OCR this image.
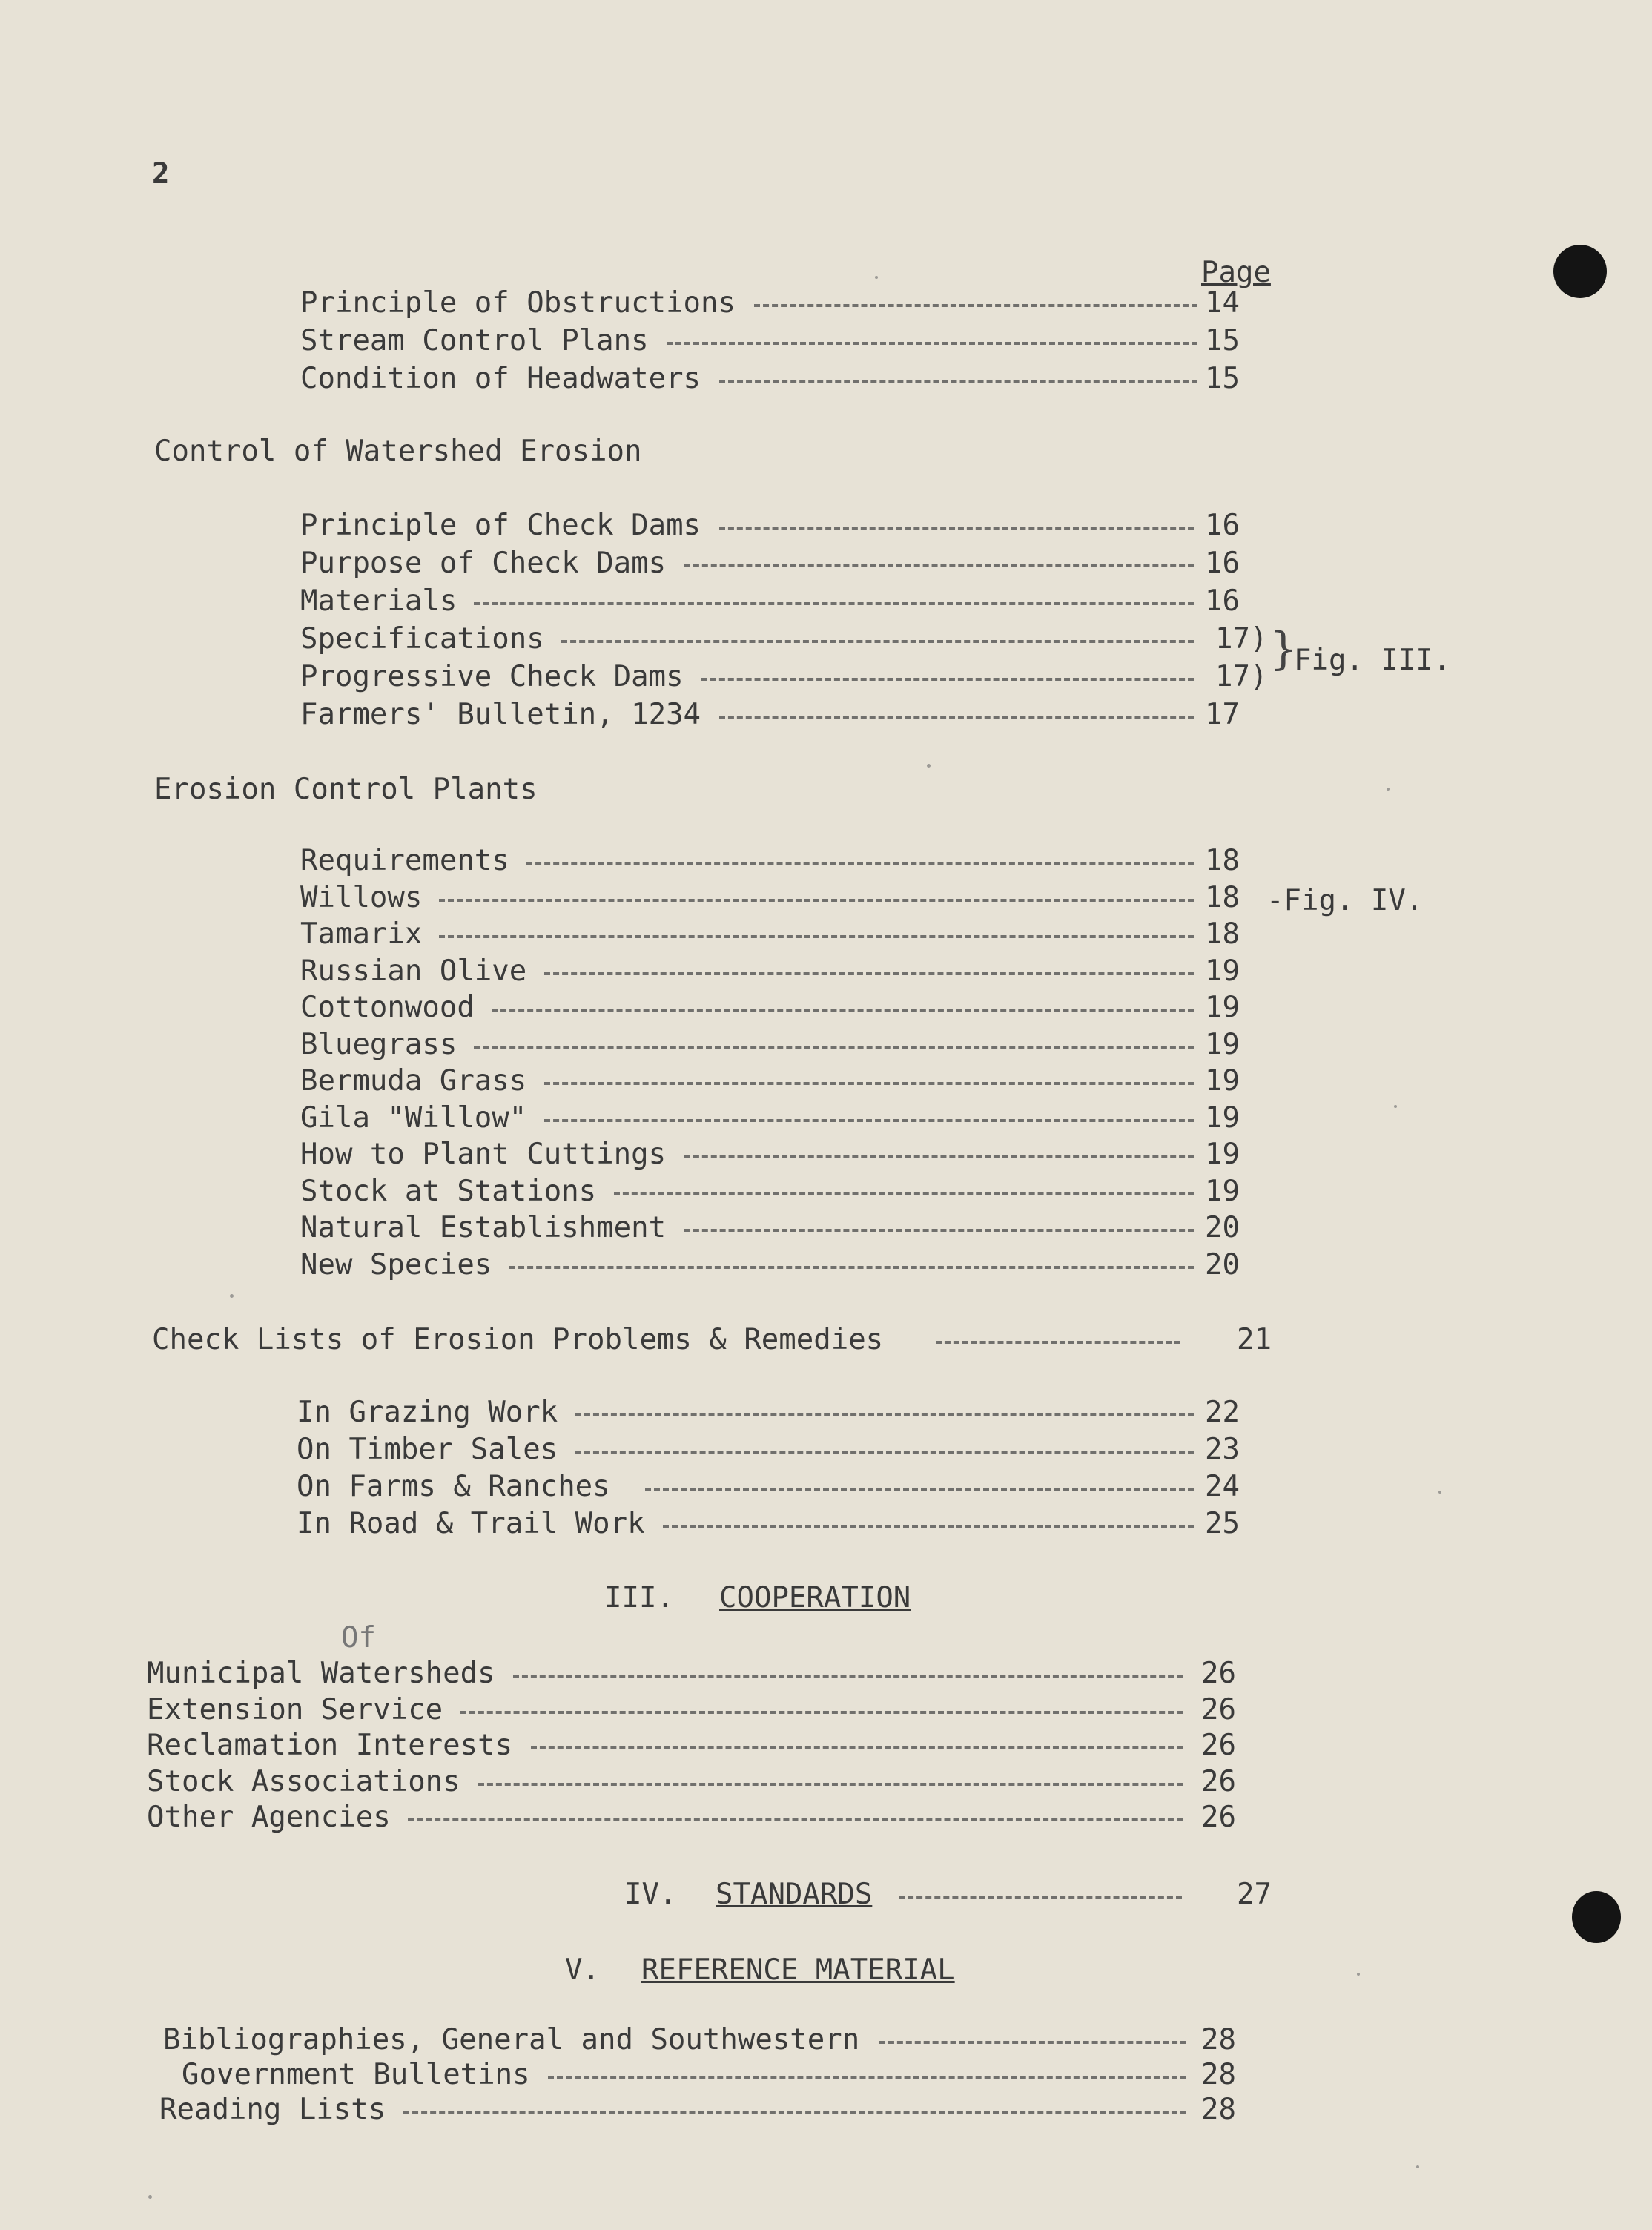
2
Page
Principle of Obstructions	14
Stream Control Plans	15
Condition of Headwaters	15
Control of Watershed Erosion
Principle of Check Dams	16
Purpose of Check Dams	16
Materials	16
Specifications	17)
Progressive Check Dams	17)
Farmers' Bulletin, 1234	17
}
Fig. III.
Erosion Control Plants
Requirements	18
Willows	18
Tamarix	18
Russian Olive	19
Cottonwood	19
Bluegrass	19
Bermuda Grass	19
Gila "Willow"	19
How to Plant Cuttings	19
Stock at Stations	19
Natural Establishment	20
New Species	20
-Fig. IV.
Check Lists of Erosion Problems & Remedies	21
In Grazing Work	22
On Timber Sales	23
On Farms & Ranches	24
In Road & Trail Work	25
III. COOPERATION
Of
Municipal Watersheds	26
Extension Service	26
Reclamation Interests	26
Stock Associations	26
Other Agencies	26
IV. STANDARDS	27
V. REFERENCE MATERIAL
Bibliographies, General and Southwestern	28
Government Bulletins	28
Reading Lists	28
